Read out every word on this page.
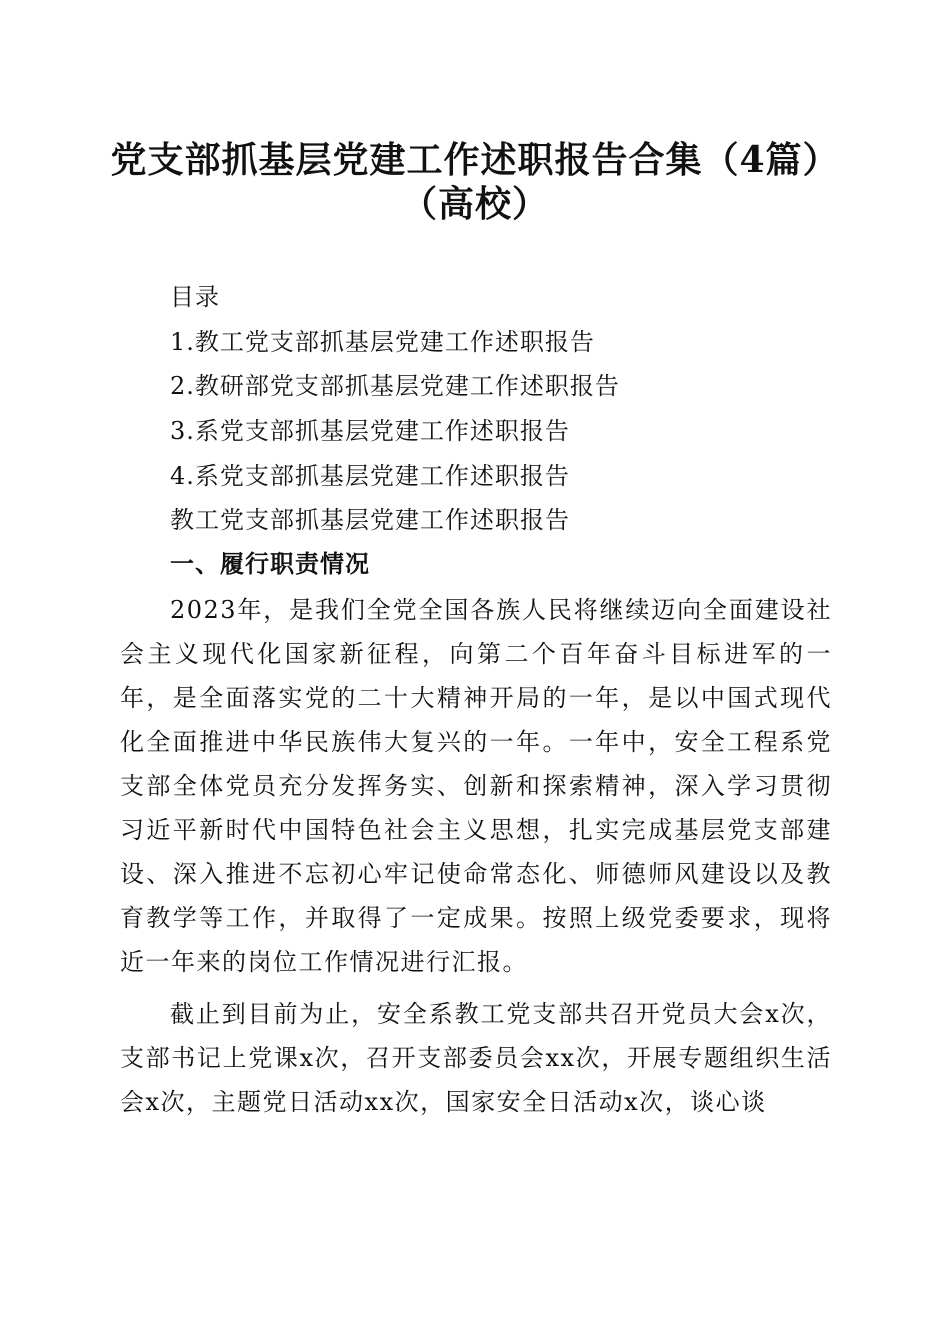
党支部抓基层党建工作述职报告合集（4篇）
（高校）
目录
1.教工党支部抓基层党建工作述职报告
2.教研部党支部抓基层党建工作述职报告
3.系党支部抓基层党建工作述职报告
4.系党支部抓基层党建工作述职报告
教工党支部抓基层党建工作述职报告
一、履行职责情况

2023年，是我们全党全国各族人民将继续迈向全面建设社会主义现代化国家新征程，向第二个百年奋斗目标进军的一年，是全面落实党的二十大精神开局的一年，是以中国式现代化全面推进中华民族伟大复兴的一年。一年中，安全工程系党支部全体党员充分发挥务实、创新和探索精神，深入学习贯彻习近平新时代中国特色社会主义思想，扎实完成基层党支部建设、深入推进不忘初心牢记使命常态化、师德师风建设以及教育教学等工作，并取得了一定成果。按照上级党委要求，现将近一年来的岗位工作情况进行汇报。

截止到目前为止，安全系教工党支部共召开党员大会x次，支部书记上党课x次，召开支部委员会xx次，开展专题组织生活会x次，主题党日活动xx次，国家安全日活动x次，谈心谈
